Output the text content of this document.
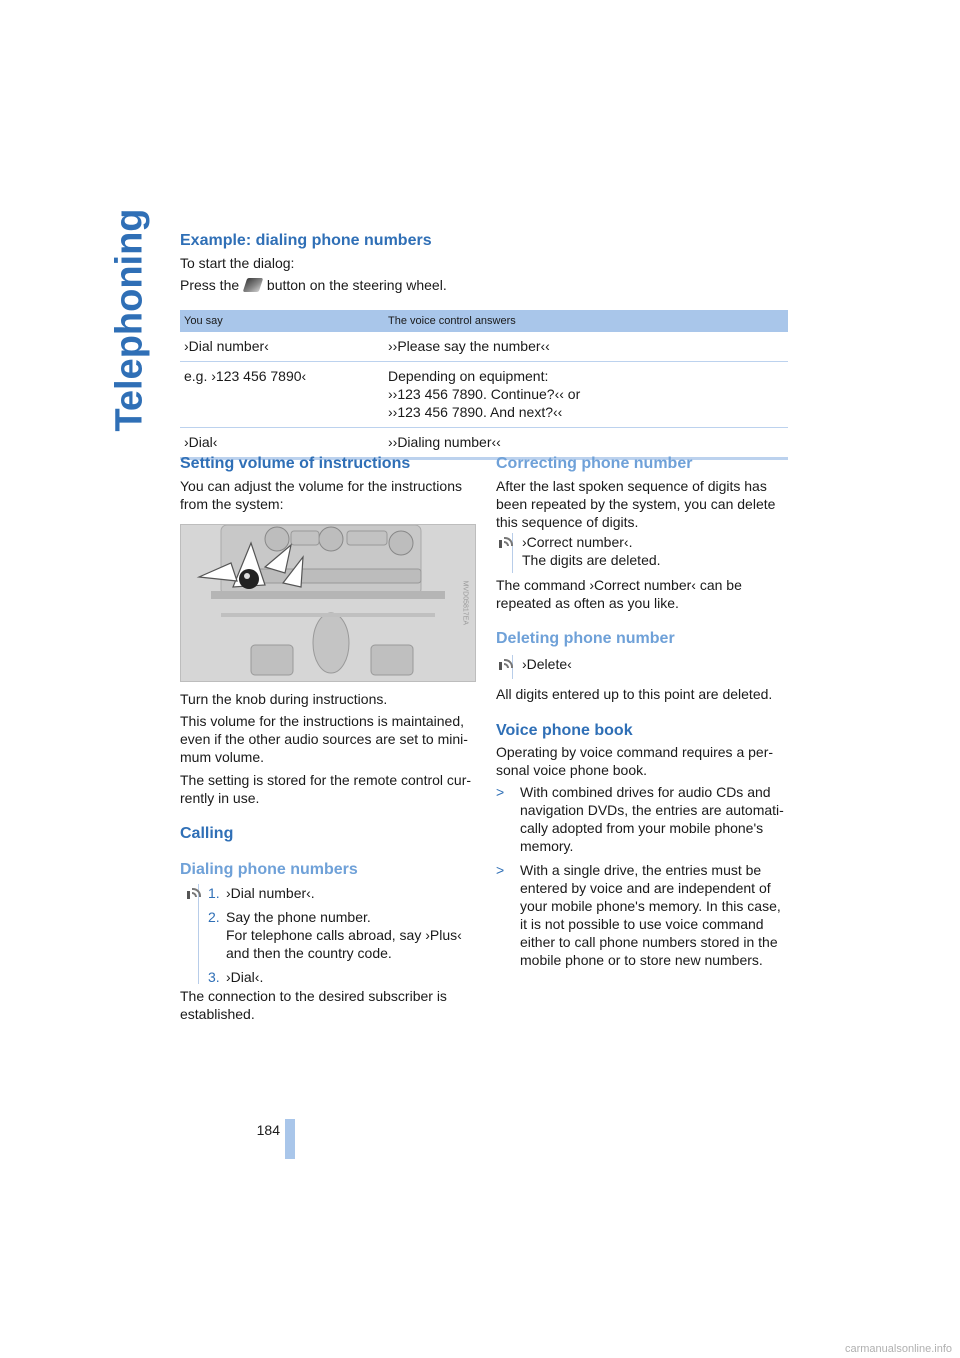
Telephoning Example: dialing phone numbers

To start the dialog:

Press the button on the steering wheel.

You say	The voice control answers
›Dial number‹	››Please say the number‹‹

e.g. ›123 456 7890‹	Depending on equipment:
››123 456 7890. Continue?‹‹ or
››123 456 7890. And next?‹‹

›Dial‹	››Dialing number‹‹
Setting volume of instructions

You can adjust the volume for the instructions from the system:

MVD05817EA

Turn the knob during instructions.

This volume for the instructions is maintained, even if the other audio sources are set to minimum volume.

The setting is stored for the remote control currently in use.

Calling
Dialing phone numbers
1. ›Dial number‹.
2. Say the phone number.
For telephone calls abroad, say ›Plus‹ and then the country code.
3. ›Dial‹.

The connection to the desired subscriber is established.

Correcting phone number

After the last spoken sequence of digits has been repeated by the system, you can delete this sequence of digits.

›Correct number‹.

The digits are deleted.

The command ›Correct number‹ can be repeated as often as you like.

Deleting phone number

›Delete‹

All digits entered up to this point are deleted.

Voice phone book

Operating by voice command requires a personal voice phone book.

>	With combined drives for audio CDs and navigation DVDs, the entries are automatically adopted from your mobile phone's memory.
>	With a single drive, the entries must be entered by voice and are independent of your mobile phone's memory. In this case, it is not possible to use voice command either to call phone numbers stored in the mobile phone or to store new numbers.
184
carmanualsonline.info
